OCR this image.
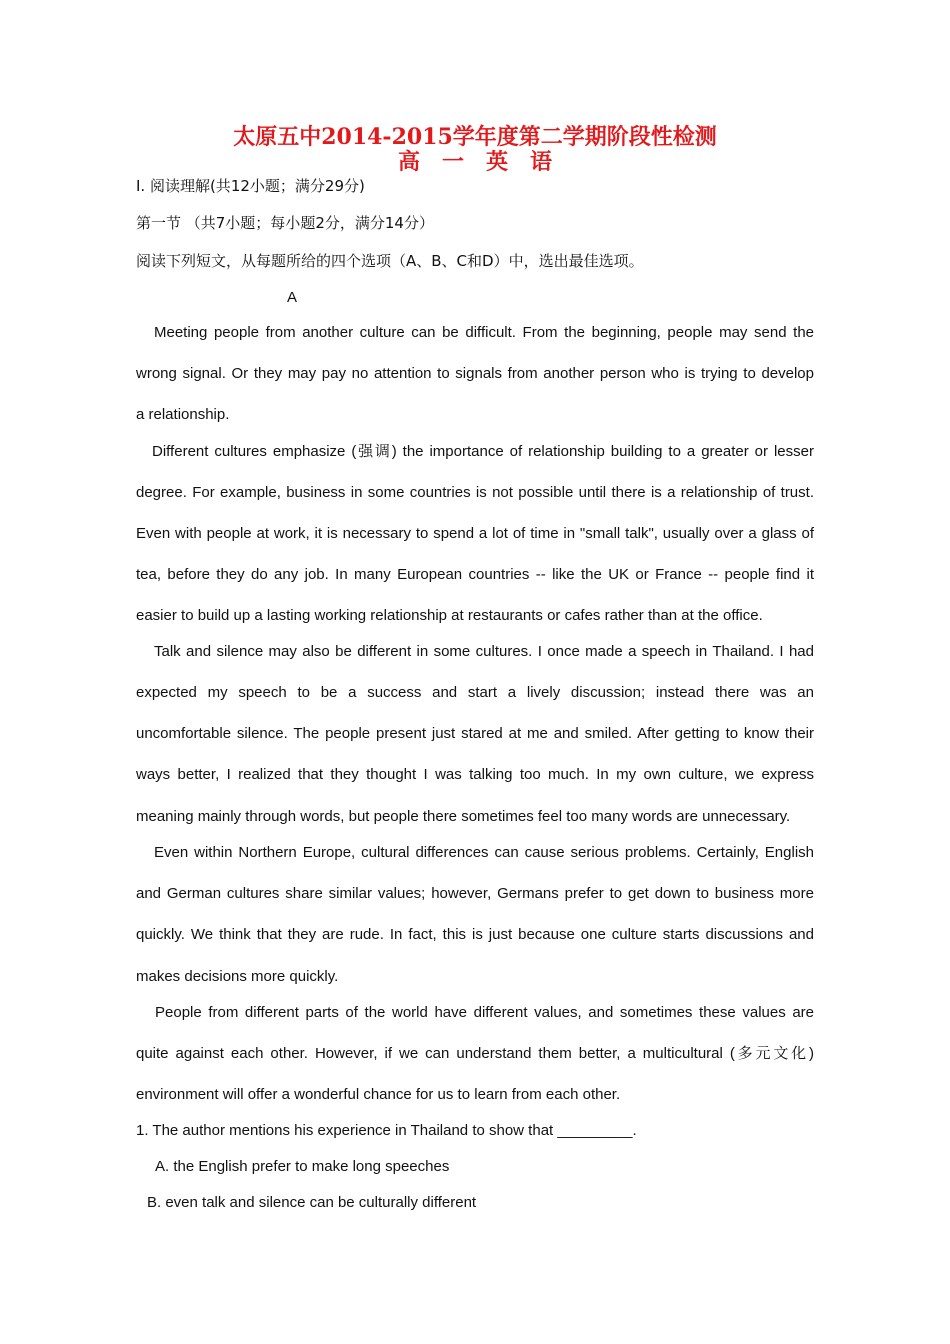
太原五中2014-2015学年度第二学期阶段性检测
高　一　英　语
I. 阅读理解(共12小题；满分29分)
第一节 （共7小题；每小题2分，满分14分）
阅读下列短文，从每题所给的四个选项（A、B、C和D）中，选出最佳选项。
A
Meeting people from another culture can be difficult. From the beginning, people may send the
wrong signal. Or they may pay no attention to signals from another person who is trying to develop
a relationship.
Different cultures emphasize (强调) the importance of relationship building to a greater or lesser
degree. For example, business in some countries is not possible until there is a relationship of trust.
Even with people at work, it is necessary to spend a lot of time in "small talk", usually over a glass of
tea, before they do any job. In many European countries -- like the UK or France -- people find it
easier to build up a lasting working relationship at restaurants or cafes rather than at the office.
Talk and silence may also be different in some cultures. I once made a speech in Thailand. I had
expected my speech to be a success and start a lively discussion; instead there was an
uncomfortable silence. The people present just stared at me and smiled. After getting to know their
ways better, I realized that they thought I was talking too much. In my own culture, we express
meaning mainly through words, but people there sometimes feel too many words are unnecessary.
Even within Northern Europe, cultural differences can cause serious problems. Certainly, English
and German cultures share similar values; however, Germans prefer to get down to business more
quickly. We think that they are rude. In fact, this is just because one culture starts discussions and
makes decisions more quickly.
People from different parts of the world have different values, and sometimes these values are
quite against each other. However, if we can understand them better, a multicultural (多元文化)
environment will offer a wonderful chance for us to learn from each other.
1. The author mentions his experience in Thailand to show that _________.
A. the English prefer to make long speeches
B. even talk and silence can be culturally different
